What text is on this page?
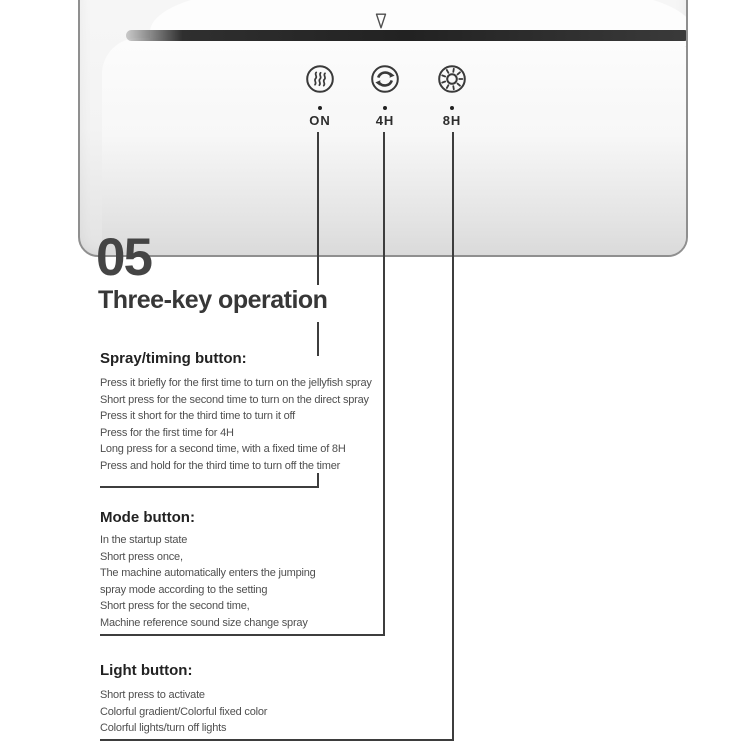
ON	4H	8H
05
Three-key operation
Spray/timing button:
Press it briefly for the first time to turn on the jellyfish spray
Short press for the second time to turn on the direct spray
Press it short for the third time to turn it off
Press for the first time for 4H
Long press for a second time, with a fixed time of 8H
Press and hold for the third time to turn off the timer
Mode button:
In the startup state
Short press once,
The machine automatically enters the jumping
spray mode according to the setting
Short press for the second time,
Machine reference sound size change spray
Light button:
Short press to activate
Colorful gradient/Colorful fixed color
Colorful lights/turn off lights
